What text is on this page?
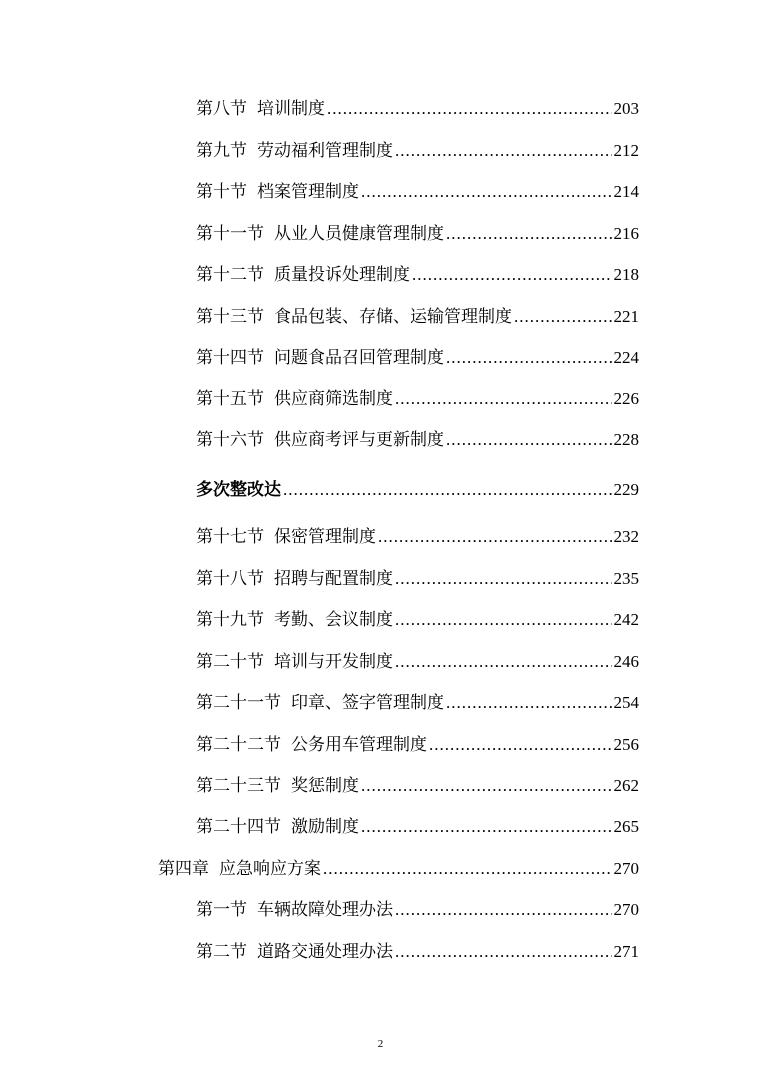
第八节 培训制度 .....	203
第九节 劳动福利管理制度 .....	212
第十节 档案管理制度 .....	214
第十一节 从业人员健康管理制度 .....	216
第十二节 质量投诉处理制度 .....	218
第十三节 食品包装、存储、运输管理制度 .....	221
第十四节 问题食品召回管理制度 .....	224
第十五节 供应商筛选制度 .....	226
第十六节 供应商考评与更新制度 .....	228
多次整改达 .....	229
第十七节 保密管理制度 .....	232
第十八节 招聘与配置制度 .....	235
第十九节 考勤、会议制度 .....	242
第二十节 培训与开发制度 .....	246
第二十一节 印章、签字管理制度 .....	254
第二十二节 公务用车管理制度 .....	256
第二十三节 奖惩制度 .....	262
第二十四节 激励制度 .....	265
第四章 应急响应方案 .....	270
第一节 车辆故障处理办法 .....	270
第二节 道路交通处理办法 .....	271
2
